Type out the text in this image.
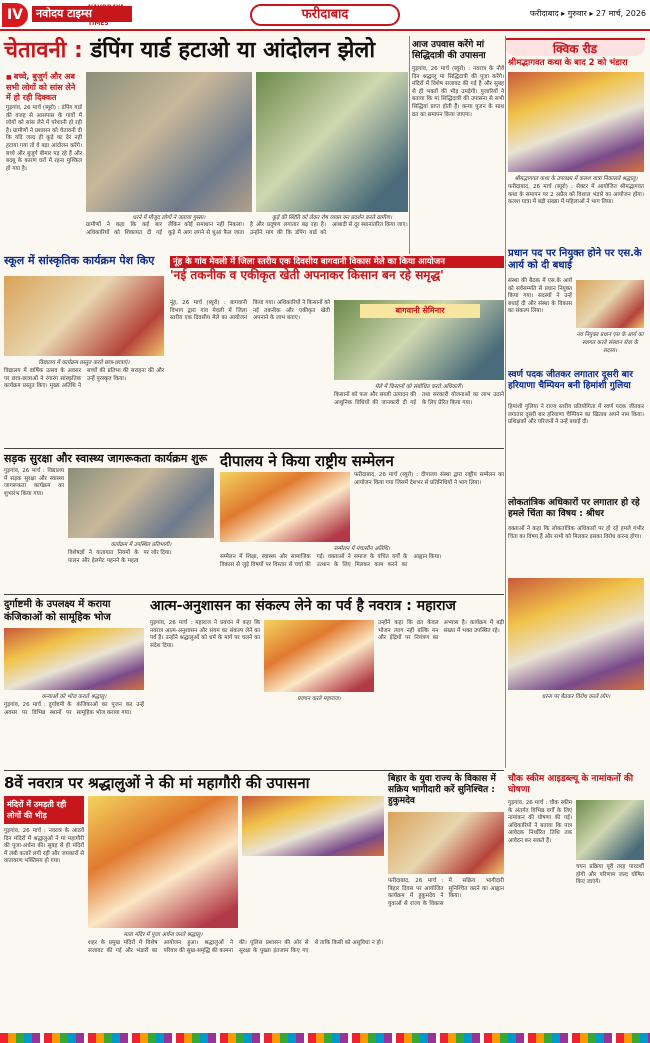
IV	नवोदय टाइम्स
NAVODAYA TIMES
फरीदाबाद	फरीदाबाद ▸ गुरुवार ▸ 27 मार्च, 2026
चेतावनी : डंपिंग यार्ड हटाओ या आंदोलन झेलो
■ बच्चे, बुजुर्ग और अब सभी लोगों को सांस लेने में हो रही दिक्कत
गुड़गांव, 26 मार्च (ब्यूरो) : डंपिंग यार्ड की वजह से आसपास के गांवों में लोगों को सांस लेने में परेशानी हो रही है। ग्रामीणों ने प्रशासन को चेतावनी दी कि यदि जल्द ही कूड़े का ढेर नहीं हटाया गया तो वे बड़ा आंदोलन करेंगे। बच्चे और बुजुर्ग बीमार पड़ रहे हैं और बदबू के कारण घरों में रहना मुश्किल हो गया है।
धरने में मौजूद लोगों ने जताया गुस्सा।	कूड़े की स्थिति को लेकर रोष व्यक्त कर प्रदर्शन करते ग्रामीण।
ग्रामीणों ने कहा कि कई बार अधिकारियों को शिकायत दी गई लेकिन कोई समाधान नहीं निकला। कूड़े में आग लगने से धुआं फैल जाता है और प्रदूषण लगातार बढ़ रहा है। उन्होंने मांग की कि डंपिंग यार्ड को आबादी से दूर स्थानांतरित किया जाए।
आज उपवास करेंगे मां सिद्धिदात्री की उपासना
गुड़गांव, 26 मार्च (ब्यूरो) : नवरात्र के नौवें दिन श्रद्धालु मां सिद्धिदात्री की पूजा करेंगे। मंदिरों में विशेष सजावट की गई है और सुबह से ही भक्तों की भीड़ उमड़ेगी। पुजारियों ने बताया कि मां सिद्धिदात्री की उपासना से सभी सिद्धियां प्राप्त होती हैं। कन्या पूजन के साथ व्रत का समापन किया जाएगा।
क्विक रीड
श्रीमद्भागवत कथा के बाद 2 को भंडारा
श्रीमद्भागवत कथा के उपलक्ष्य में कलश यात्रा निकालते श्रद्धालु।
फरीदाबाद, 26 मार्च (ब्यूरो) : सेक्टर में आयोजित श्रीमद्भागवत कथा के समापन पर 2 अप्रैल को विशाल भंडारे का आयोजन होगा। कलश यात्रा में बड़ी संख्या में महिलाओं ने भाग लिया।
प्रधान पद पर नियुक्त होने पर एस.के आर्य को दी बधाई
संस्था की बैठक में एस.के आर्य को सर्वसम्मति से प्रधान नियुक्त किया गया। सदस्यों ने उन्हें बधाई दी और संस्था के विकास का संकल्प लिया।
नव नियुक्त प्रधान एस के आर्य का स्वागत करते संस्थान सेवा के सदस्य।
स्वर्ण पदक जीतकर लगातार दूसरी बार हरियाणा चैम्पियन बनी हिमांशी गुलिया
हिमांशी गुलिया ने राज्य स्तरीय प्रतियोगिता में स्वर्ण पदक जीतकर लगातार दूसरी बार हरियाणा चैम्पियन का खिताब अपने नाम किया। प्रशिक्षकों और परिजनों ने उन्हें बधाई दी।
लोकतांत्रिक अधिकारों पर लगातार हो रहे हमले चिंता का विषय : श्रीधर
वक्ताओं ने कहा कि लोकतांत्रिक अधिकारों पर हो रहे हमले गंभीर चिंता का विषय हैं और सभी को मिलकर इसका विरोध करना होगा।
धरना पर बैठकर विरोध करते लोग।
स्कूल में सांस्कृतिक कार्यक्रम पेश किए
विद्यालय में कार्यक्रम प्रस्तुत करते छात्र-छात्राएं।
विद्यालय में वार्षिक उत्सव के अवसर पर छात्र-छात्राओं ने रंगारंग सांस्कृतिक कार्यक्रम प्रस्तुत किए। मुख्य अतिथि ने बच्चों की प्रतिभा की सराहना की और उन्हें पुरस्कृत किया।
नूंह के गांव मेवली में जिला स्तरीय एक दिवसीय बागवानी विकास मेले का किया आयोजन
'नई तकनीक व एकीकृत खेती अपनाकर किसान बन रहे समृद्ध'
नूंह, 26 मार्च (ब्यूरो) : बागवानी विभाग द्वारा गांव मेवली में जिला स्तरीय एक दिवसीय मेले का आयोजन किया गया। अधिकारियों ने किसानों को नई तकनीक और एकीकृत खेती अपनाने के लाभ बताए।
बागवानी सेमिनार
मेले में किसानों को संबोधित करते अधिकारी।
किसानों को फल और सब्जी उत्पादन की आधुनिक विधियों की जानकारी दी गई तथा सरकारी योजनाओं का लाभ उठाने के लिए प्रेरित किया गया।
सड़क सुरक्षा और स्वास्थ्य जागरूकता कार्यक्रम शुरू
गुड़गांव, 26 मार्च : विद्यालय में सड़क सुरक्षा और स्वास्थ्य जागरूकता कार्यक्रम का शुभारंभ किया गया।
कार्यक्रम में उपस्थित प्रतिभागी।
विशेषज्ञों ने यातायात नियमों के पालन और हेलमेट पहनने के महत्व पर जोर दिया।
दीपालय ने किया राष्ट्रीय सम्मेलन
सम्मेलन में मंचासीन अतिथि।
फरीदाबाद, 26 मार्च (ब्यूरो) : दीपालय संस्था द्वारा राष्ट्रीय सम्मेलन का आयोजन किया गया जिसमें देशभर से प्रतिनिधियों ने भाग लिया।
सम्मेलन में शिक्षा, स्वास्थ्य और सामाजिक विकास से जुड़े विषयों पर विस्तार से चर्चा की गई। वक्ताओं ने समाज के वंचित वर्गों के उत्थान के लिए मिलकर काम करने का आह्वान किया।
दुर्गाष्टमी के उपलक्ष्य में कराया कंजिकाओं को सामूहिक भोज
कन्याओं को भोज कराते श्रद्धालु।
गुड़गांव, 26 मार्च : दुर्गाष्टमी के अवसर पर विभिन्न स्थानों पर कंजिकाओं का पूजन कर उन्हें सामूहिक भोज कराया गया।
आत्म-अनुशासन का संकल्प लेने का पर्व है नवरात्र : महाराज
गुड़गांव, 26 मार्च : महाराज ने प्रवचन में कहा कि नवरात्र आत्म-अनुशासन और संयम का संकल्प लेने का पर्व है। उन्होंने श्रद्धालुओं को धर्म के मार्ग पर चलने का संदेश दिया।
प्रवचन करते महाराज।
उन्होंने कहा कि व्रत केवल भोजन त्याग नहीं बल्कि मन और इंद्रियों पर नियंत्रण का अभ्यास है। कार्यक्रम में बड़ी संख्या में भक्त उपस्थित रहे।
8वें नवरात्र पर श्रद्धालुओं ने की मां महागौरी की उपासना
मंदिरों में उमड़ती रही लोगों की भीड़
गुड़गांव, 26 मार्च : नवरात्र के आठवें दिन मंदिरों में श्रद्धालुओं ने मां महागौरी की पूजा-अर्चना की। सुबह से ही मंदिरों में लंबी कतारें लगी रहीं और जयकारों से वातावरण भक्तिमय हो गया।
माता मंदिर में पूजा अर्चना करते श्रद्धालु।
शहर के प्रमुख मंदिरों में विशेष सजावट की गई और भंडारों का आयोजन हुआ। श्रद्धालुओं ने परिवार की सुख-समृद्धि की कामना की। पुलिस प्रशासन की ओर से सुरक्षा के पुख्ता इंतजाम किए गए थे ताकि किसी को असुविधा न हो।
बिहार के युवा राज्य के विकास में सक्रिय भागीदारी करें सुनिश्चित : हुकुमदेव
फरीदाबाद, 26 मार्च : बिहार दिवस पर आयोजित कार्यक्रम में हुकुमदेव ने युवाओं से राज्य के विकास में सक्रिय भागीदारी सुनिश्चित करने का आह्वान किया।
चौक स्कीम आइडब्ल्यू के नामांकनों की घोषणा
गुड़गांव, 26 मार्च : चौक स्कीम के अंतर्गत विभिन्न वर्गों के लिए नामांकन की घोषणा की गई। अधिकारियों ने बताया कि पात्र आवेदक निर्धारित तिथि तक आवेदन कर सकते हैं।
चयन प्रक्रिया पूरी तरह पारदर्शी होगी और परिणाम जल्द घोषित किए जाएंगे।
